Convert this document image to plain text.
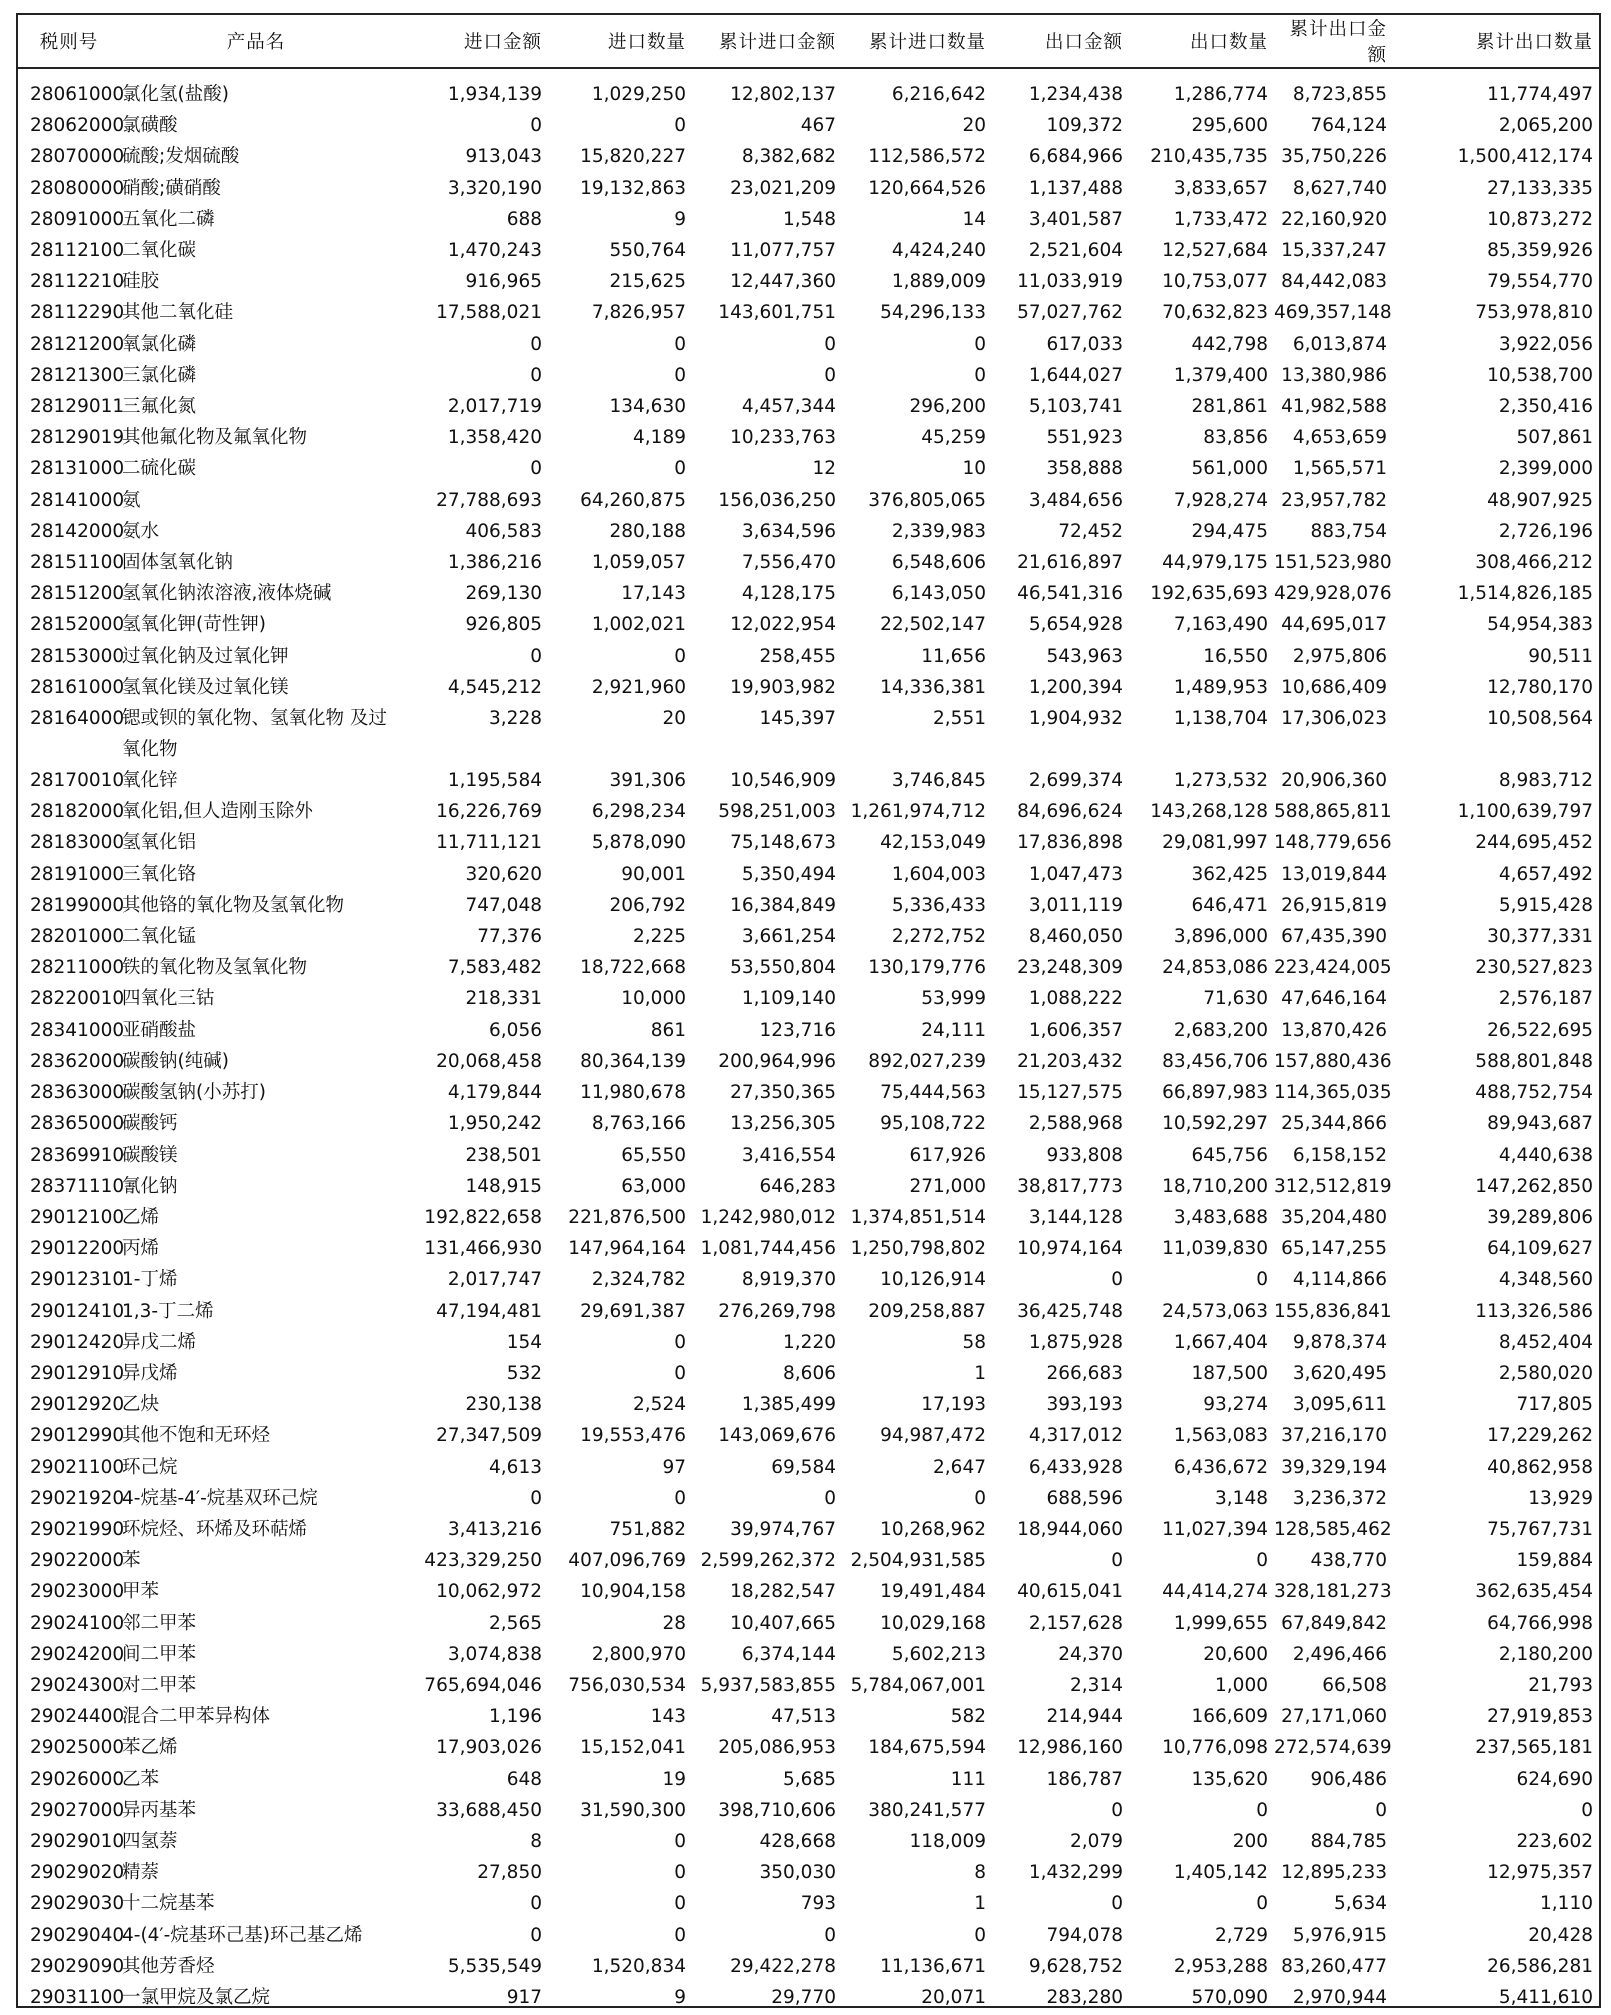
税则号	产品名	进口金额	进口数量	累计进口金额	累计进口数量	出口金额	出口数量	累计出口金额	累计出口数量

28061000	氯化氢(盐酸)	1,934,139	1,029,250	12,802,137	6,216,642	1,234,438	1,286,774	8,723,855	11,774,497
28062000	氯磺酸	0	0	467	20	109,372	295,600	764,124	2,065,200
28070000	硫酸;发烟硫酸	913,043	15,820,227	8,382,682	112,586,572	6,684,966	210,435,735	35,750,226	1,500,412,174
28080000	硝酸;磺硝酸	3,320,190	19,132,863	23,021,209	120,664,526	1,137,488	3,833,657	8,627,740	27,133,335
28091000	五氧化二磷	688	9	1,548	14	3,401,587	1,733,472	22,160,920	10,873,272
28112100	二氧化碳	1,470,243	550,764	11,077,757	4,424,240	2,521,604	12,527,684	15,337,247	85,359,926
28112210	硅胶	916,965	215,625	12,447,360	1,889,009	11,033,919	10,753,077	84,442,083	79,554,770
28112290	其他二氧化硅	17,588,021	7,826,957	143,601,751	54,296,133	57,027,762	70,632,823	469,357,148	753,978,810
28121200	氧氯化磷	0	0	0	0	617,033	442,798	6,013,874	3,922,056
28121300	三氯化磷	0	0	0	0	1,644,027	1,379,400	13,380,986	10,538,700
28129011	三氟化氮	2,017,719	134,630	4,457,344	296,200	5,103,741	281,861	41,982,588	2,350,416
28129019	其他氟化物及氟氧化物	1,358,420	4,189	10,233,763	45,259	551,923	83,856	4,653,659	507,861
28131000	二硫化碳	0	0	12	10	358,888	561,000	1,565,571	2,399,000
28141000	氨	27,788,693	64,260,875	156,036,250	376,805,065	3,484,656	7,928,274	23,957,782	48,907,925
28142000	氨水	406,583	280,188	3,634,596	2,339,983	72,452	294,475	883,754	2,726,196
28151100	固体氢氧化钠	1,386,216	1,059,057	7,556,470	6,548,606	21,616,897	44,979,175	151,523,980	308,466,212
28151200	氢氧化钠浓溶液,液体烧碱	269,130	17,143	4,128,175	6,143,050	46,541,316	192,635,693	429,928,076	1,514,826,185
28152000	氢氧化钾(苛性钾)	926,805	1,002,021	12,022,954	22,502,147	5,654,928	7,163,490	44,695,017	54,954,383
28153000	过氧化钠及过氧化钾	0	0	258,455	11,656	543,963	16,550	2,975,806	90,511
28161000	氢氧化镁及过氧化镁	4,545,212	2,921,960	19,903,982	14,336,381	1,200,394	1,489,953	10,686,409	12,780,170
28164000	锶或钡的氧化物、氢氧化物 及过氧化物	3,228	20	145,397	2,551	1,904,932	1,138,704	17,306,023	10,508,564
28170010	氧化锌	1,195,584	391,306	10,546,909	3,746,845	2,699,374	1,273,532	20,906,360	8,983,712
28182000	氧化铝,但人造刚玉除外	16,226,769	6,298,234	598,251,003	1,261,974,712	84,696,624	143,268,128	588,865,811	1,100,639,797
28183000	氢氧化铝	11,711,121	5,878,090	75,148,673	42,153,049	17,836,898	29,081,997	148,779,656	244,695,452
28191000	三氧化铬	320,620	90,001	5,350,494	1,604,003	1,047,473	362,425	13,019,844	4,657,492
28199000	其他铬的氧化物及氢氧化物	747,048	206,792	16,384,849	5,336,433	3,011,119	646,471	26,915,819	5,915,428
28201000	二氧化锰	77,376	2,225	3,661,254	2,272,752	8,460,050	3,896,000	67,435,390	30,377,331
28211000	铁的氧化物及氢氧化物	7,583,482	18,722,668	53,550,804	130,179,776	23,248,309	24,853,086	223,424,005	230,527,823
28220010	四氧化三钴	218,331	10,000	1,109,140	53,999	1,088,222	71,630	47,646,164	2,576,187
28341000	亚硝酸盐	6,056	861	123,716	24,111	1,606,357	2,683,200	13,870,426	26,522,695
28362000	碳酸钠(纯碱)	20,068,458	80,364,139	200,964,996	892,027,239	21,203,432	83,456,706	157,880,436	588,801,848
28363000	碳酸氢钠(小苏打)	4,179,844	11,980,678	27,350,365	75,444,563	15,127,575	66,897,983	114,365,035	488,752,754
28365000	碳酸钙	1,950,242	8,763,166	13,256,305	95,108,722	2,588,968	10,592,297	25,344,866	89,943,687
28369910	碳酸镁	238,501	65,550	3,416,554	617,926	933,808	645,756	6,158,152	4,440,638
28371110	氰化钠	148,915	63,000	646,283	271,000	38,817,773	18,710,200	312,512,819	147,262,850
29012100	乙烯	192,822,658	221,876,500	1,242,980,012	1,374,851,514	3,144,128	3,483,688	35,204,480	39,289,806
29012200	丙烯	131,466,930	147,964,164	1,081,744,456	1,250,798,802	10,974,164	11,039,830	65,147,255	64,109,627
29012310	1-丁烯	2,017,747	2,324,782	8,919,370	10,126,914	0	0	4,114,866	4,348,560
29012410	1,3-丁二烯	47,194,481	29,691,387	276,269,798	209,258,887	36,425,748	24,573,063	155,836,841	113,326,586
29012420	异戊二烯	154	0	1,220	58	1,875,928	1,667,404	9,878,374	8,452,404
29012910	异戊烯	532	0	8,606	1	266,683	187,500	3,620,495	2,580,020
29012920	乙炔	230,138	2,524	1,385,499	17,193	393,193	93,274	3,095,611	717,805
29012990	其他不饱和无环烃	27,347,509	19,553,476	143,069,676	94,987,472	4,317,012	1,563,083	37,216,170	17,229,262
29021100	环己烷	4,613	97	69,584	2,647	6,433,928	6,436,672	39,329,194	40,862,958
29021920	4-烷基-4′-烷基双环己烷	0	0	0	0	688,596	3,148	3,236,372	13,929
29021990	环烷烃、环烯及环萜烯	3,413,216	751,882	39,974,767	10,268,962	18,944,060	11,027,394	128,585,462	75,767,731
29022000	苯	423,329,250	407,096,769	2,599,262,372	2,504,931,585	0	0	438,770	159,884
29023000	甲苯	10,062,972	10,904,158	18,282,547	19,491,484	40,615,041	44,414,274	328,181,273	362,635,454
29024100	邻二甲苯	2,565	28	10,407,665	10,029,168	2,157,628	1,999,655	67,849,842	64,766,998
29024200	间二甲苯	3,074,838	2,800,970	6,374,144	5,602,213	24,370	20,600	2,496,466	2,180,200
29024300	对二甲苯	765,694,046	756,030,534	5,937,583,855	5,784,067,001	2,314	1,000	66,508	21,793
29024400	混合二甲苯异构体	1,196	143	47,513	582	214,944	166,609	27,171,060	27,919,853
29025000	苯乙烯	17,903,026	15,152,041	205,086,953	184,675,594	12,986,160	10,776,098	272,574,639	237,565,181
29026000	乙苯	648	19	5,685	111	186,787	135,620	906,486	624,690
29027000	异丙基苯	33,688,450	31,590,300	398,710,606	380,241,577	0	0	0	0
29029010	四氢萘	8	0	428,668	118,009	2,079	200	884,785	223,602
29029020	精萘	27,850	0	350,030	8	1,432,299	1,405,142	12,895,233	12,975,357
29029030	十二烷基苯	0	0	793	1	0	0	5,634	1,110
29029040	4-(4′-烷基环己基)环己基乙烯	0	0	0	0	794,078	2,729	5,976,915	20,428
29029090	其他芳香烃	5,535,549	1,520,834	29,422,278	11,136,671	9,628,752	2,953,288	83,260,477	26,586,281
29031100	一氯甲烷及氯乙烷	917	9	29,770	20,071	283,280	570,090	2,970,944	5,411,610
